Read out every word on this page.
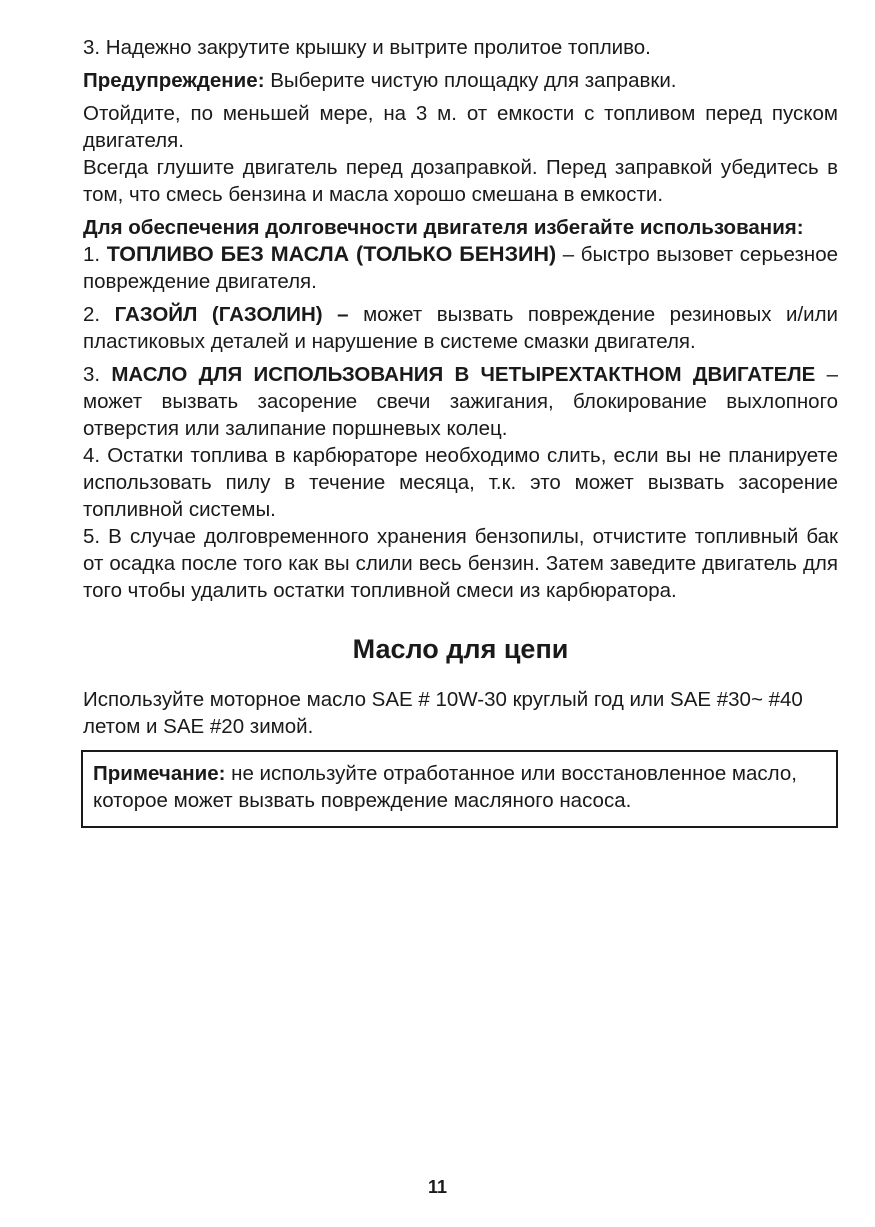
3. Надежно закрутите крышку и вытрите пролитое топливо.

Предупреждение: Выберите чистую площадку для заправки.

Отойдите, по меньшей мере, на 3 м. от емкости с топливом перед пуском двигателя.

Всегда глушите двигатель перед дозаправкой. Перед заправкой убедитесь в том, что смесь бензина и масла хорошо смешана в емкости.

Для обеспечения долговечности двигателя избегайте использования:

1. ТОПЛИВО БЕЗ МАСЛА (ТОЛЬКО БЕНЗИН) – быстро вызовет серьезное повреждение двигателя.

2. ГАЗОЙЛ (ГАЗОЛИН) – может вызвать повреждение резиновых и/или пластиковых деталей и нарушение в системе смазки двигателя.

3. МАСЛО ДЛЯ ИСПОЛЬЗОВАНИЯ В ЧЕТЫРЕХТАКТНОМ ДВИГАТЕЛЕ – может вызвать засорение свечи зажигания, блокирование выхлопного отверстия или залипание поршневых колец.

4. Остатки топлива в карбюраторе необходимо слить, если вы не планируете использовать пилу в течение месяца, т.к. это может вызвать засорение топливной системы.

5. В случае долговременного хранения бензопилы, отчистите топливный бак от осадка после того как вы слили весь бензин. Затем заведите двигатель для того чтобы удалить остатки топливной смеси из карбюратора.

Масло для цепи

Используйте моторное масло SAE # 10W-30 круглый год или SAE #30~ #40 летом и SAE #20 зимой.

Примечание: не используйте отработанное или восстановленное масло, которое может вызвать повреждение масляного насоса.

11
